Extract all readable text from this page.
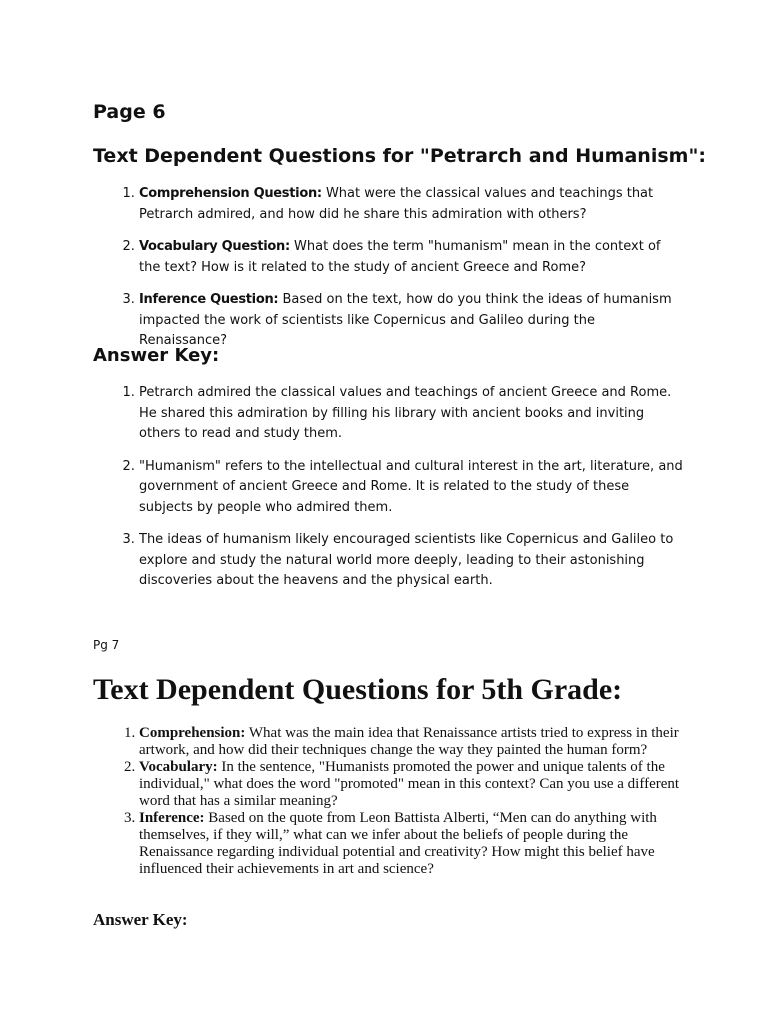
Page 6
Text Dependent Questions for "Petrarch and Humanism":
1. Comprehension Question: What were the classical values and teachings that Petrarch admired, and how did he share this admiration with others?
2. Vocabulary Question: What does the term "humanism" mean in the context of the text? How is it related to the study of ancient Greece and Rome?
3. Inference Question: Based on the text, how do you think the ideas of humanism impacted the work of scientists like Copernicus and Galileo during the Renaissance?
Answer Key:
1. Petrarch admired the classical values and teachings of ancient Greece and Rome. He shared this admiration by filling his library with ancient books and inviting others to read and study them.
2. "Humanism" refers to the intellectual and cultural interest in the art, literature, and government of ancient Greece and Rome. It is related to the study of these subjects by people who admired them.
3. The ideas of humanism likely encouraged scientists like Copernicus and Galileo to explore and study the natural world more deeply, leading to their astonishing discoveries about the heavens and the physical earth.

Pg 7

Text Dependent Questions for 5th Grade:
1. Comprehension: What was the main idea that Renaissance artists tried to express in their artwork, and how did their techniques change the way they painted the human form?
2. Vocabulary: In the sentence, "Humanists promoted the power and unique talents of the individual," what does the word "promoted" mean in this context? Can you use a different word that has a similar meaning?
3. Inference: Based on the quote from Leon Battista Alberti, “Men can do anything with themselves, if they will,” what can we infer about the beliefs of people during the Renaissance regarding individual potential and creativity? How might this belief have influenced their achievements in art and science?
Answer Key:
